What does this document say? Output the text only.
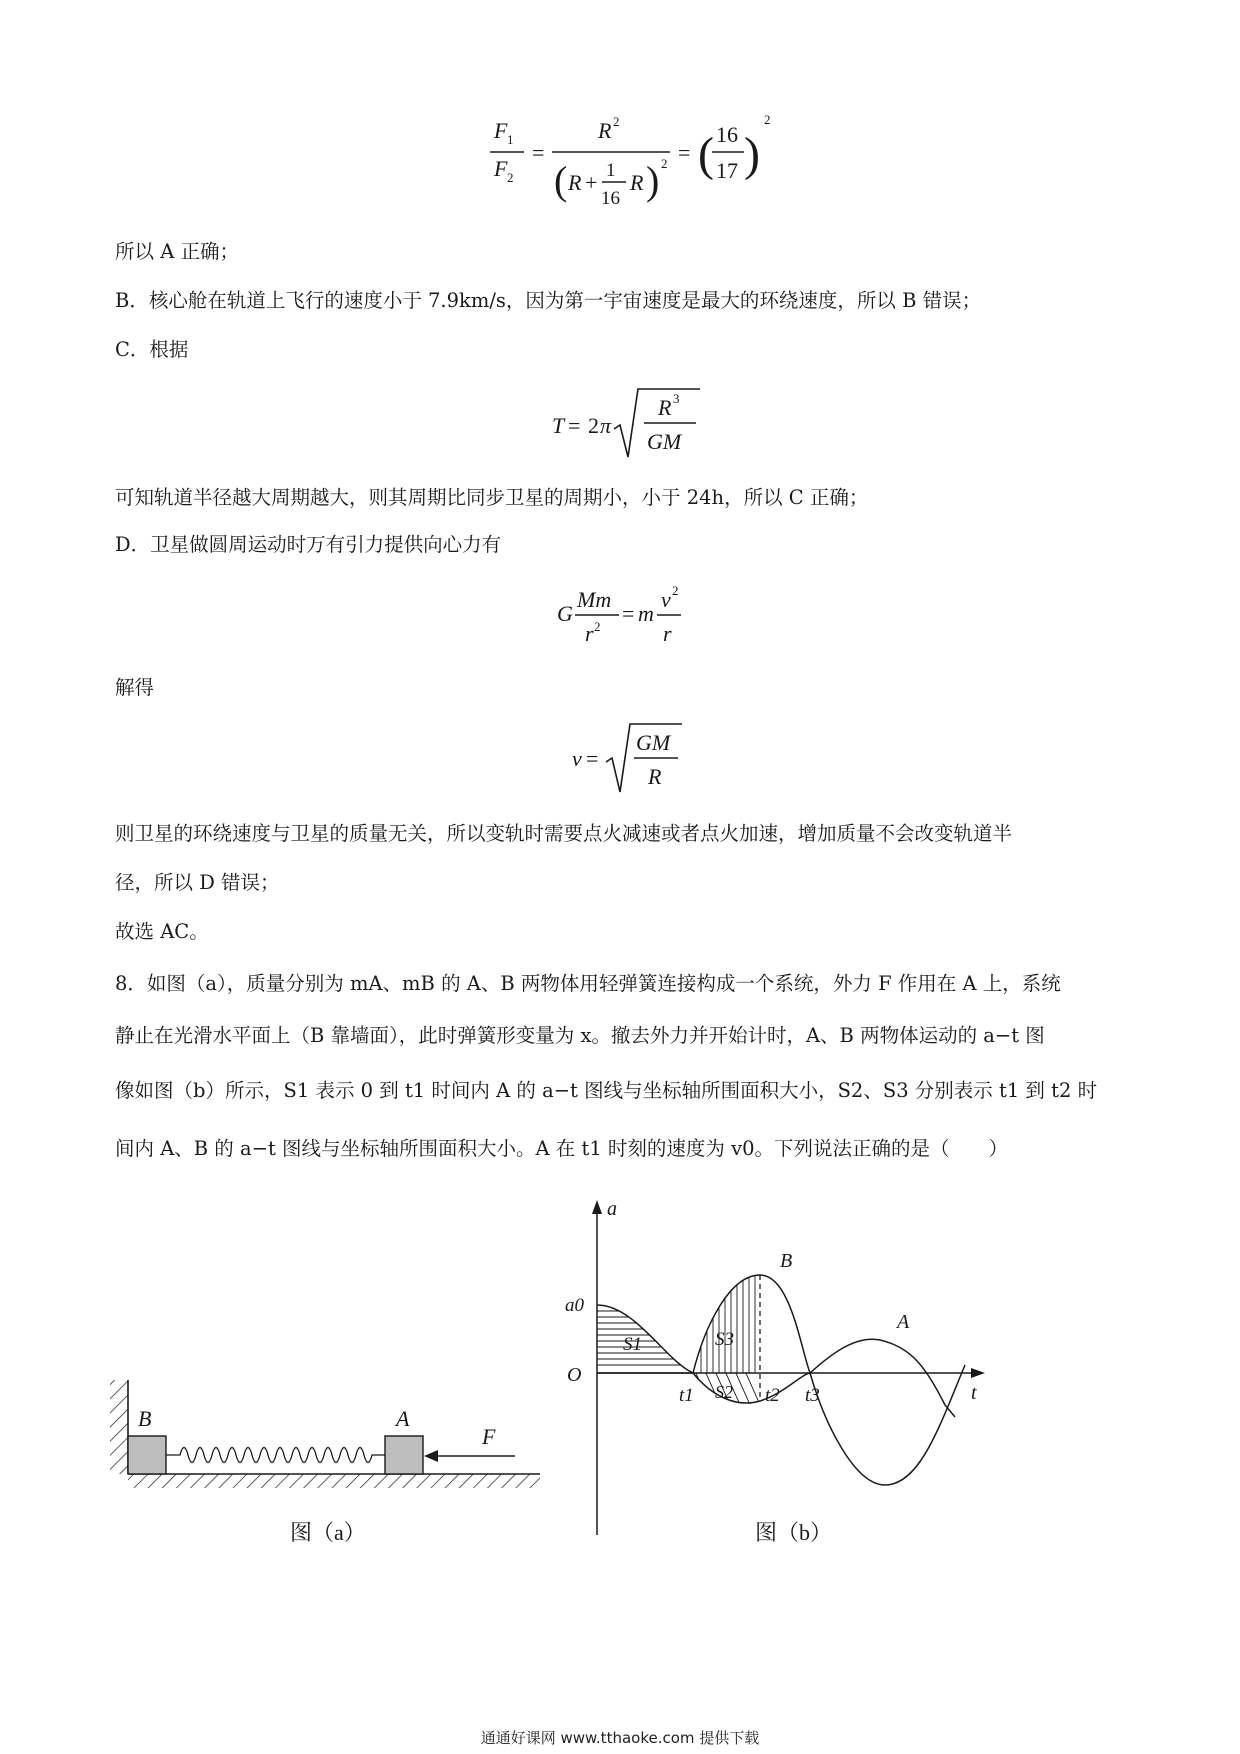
F 1
F 2
=
R 2
( R + 1
16
R ) 2 = ( 16
17 )
2
所以 A 正确；
B．核心舱在轨道上飞行的速度小于 7.9km/s，因为第一宇宙速度是最大的环绕速度，所以 B 错误；
C．根据
T = 2 π
R 3
GM
可知轨道半径越大周期越大，则其周期比同步卫星的周期小，小于 24h，所以 C 正确；
D．卫星做圆周运动时万有引力提供向心力有
G
Mm
r 2
= m
v 2
r
解得
v =
GM
R
则卫星的环绕速度与卫星的质量无关，所以变轨时需要点火减速或者点火加速，增加质量不会改变轨道半
径，所以 D 错误；
故选 AC。
8．如图（a），质量分别为 mA、mB 的 A、B 两物体用轻弹簧连接构成一个系统，外力 F 作用在 A 上，系统
静止在光滑水平面上（B 靠墙面），此时弹簧形变量为 x。撤去外力并开始计时，A、B 两物体运动的 a−t 图
像如图（b）所示，S1 表示 0 到 t1 时间内 A 的 a−t 图线与坐标轴所围面积大小，S2、S3 分别表示 t1 到 t2 时
间内 A、B 的 a−t 图线与坐标轴所围面积大小。A 在 t1 时刻的速度为 v0。下列说法正确的是（　　）
B	A
F
图（a）
a
t
O
a0
S1	S3
S2
t1	t2 t3
B
A
图（b）
通通好课网 www.tthaoke.com 提供下载
